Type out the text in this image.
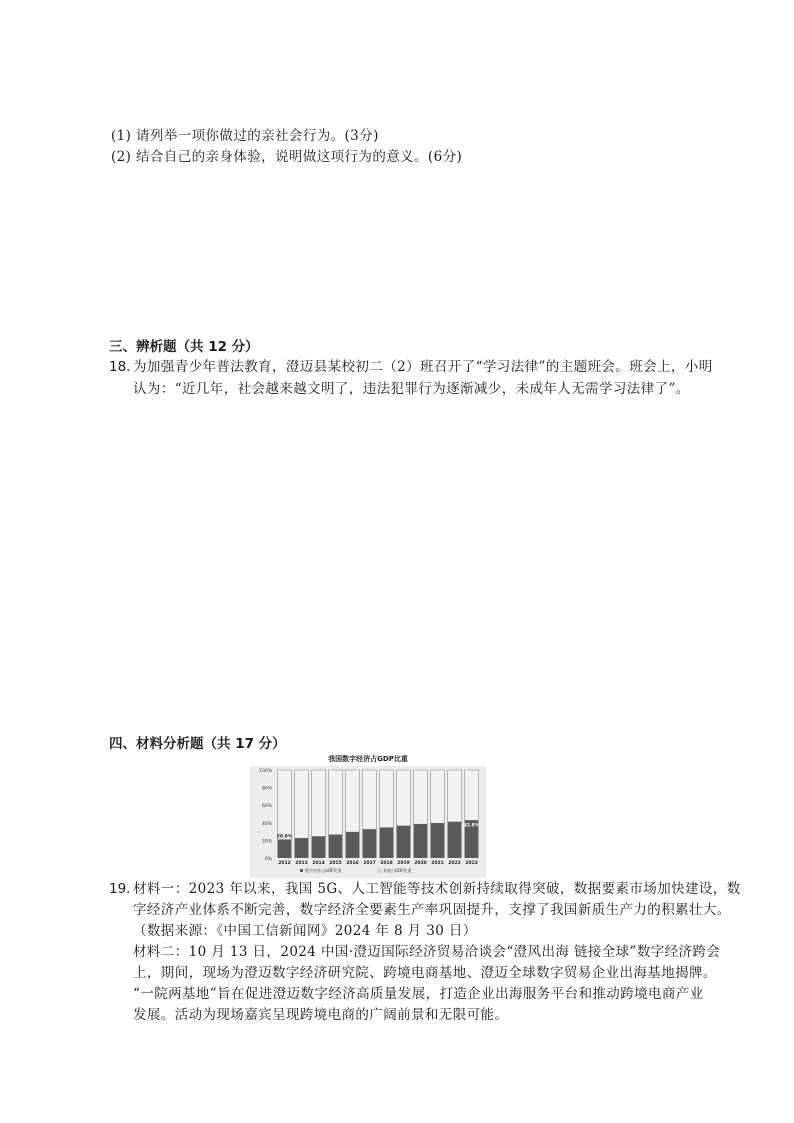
(1) 请列举一项你做过的亲社会行为。(3分)
(2) 结合自己的亲身体验，说明做这项行为的意义。(6分)
三、辨析题（共 12 分）
18. 为加强青少年普法教育，澄迈县某校初二（2）班召开了“学习法律”的主题班会。班会上，小明
认为：“近几年，社会越来越文明了，违法犯罪行为逐渐减少，未成年人无需学习法律了”。
四、材料分析题（共 17 分）
我国数字经济占GDP比重
100%
80%
60%
40%
20%
0%
20.9%
42.8%
2012 2013 2014 2015 2016 2017 2018 2019 2020 2021 2022 2023
数字经济占GDP比重	其他占GDP比重
19. 材料一：2023 年以来，我国 5G、人工智能等技术创新持续取得突破，数据要素市场加快建设，数
字经济产业体系不断完善，数字经济全要素生产率巩固提升，支撑了我国新质生产力的积累壮大。
（数据来源：《中国工信新闻网》2024 年 8 月 30 日）
材料二：10 月 13 日，2024 中国·澄迈国际经济贸易洽谈会“澄风出海 链接全球”数字经济跨会
上，期间，现场为澄迈数字经济研究院、跨境电商基地、澄迈全球数字贸易企业出海基地揭牌。
“一院两基地”旨在促进澄迈数字经济高质量发展，打造企业出海服务平台和推动跨境电商产业
发展。活动为现场嘉宾呈现跨境电商的广阔前景和无限可能。
